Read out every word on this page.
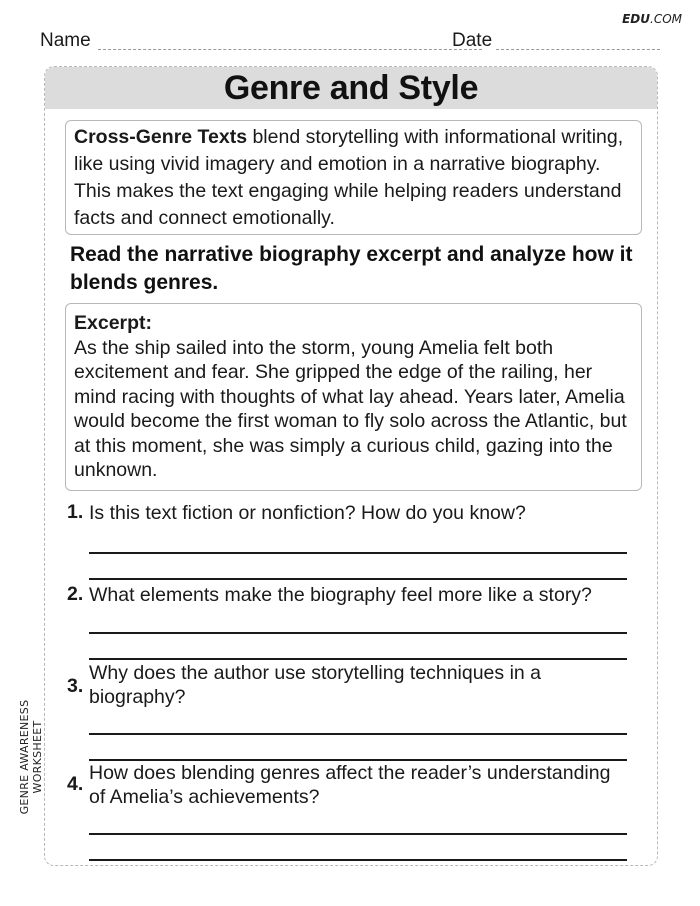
EDU.COM
Name	Date
Genre and Style
Cross-Genre Texts blend storytelling with informational writing, like using vivid imagery and emotion in a narrative biography. This makes the text engaging while helping readers understand facts and connect emotionally.
Read the narrative biography excerpt and analyze how it blends genres.
Excerpt:
As the ship sailed into the storm, young Amelia felt both excitement and fear. She gripped the edge of the railing, her mind racing with thoughts of what lay ahead. Years later, Amelia would become the first woman to fly solo across the Atlantic, but at this moment, she was simply a curious child, gazing into the unknown.
1. Is this text fiction or nonfiction? How do you know?
2. What elements make the biography feel more like a story?
3.
Why does the author use storytelling techniques in a biography?
4. How does blending genres affect the reader’s understanding of Amelia’s achievements?
GENRE AWARENESS WORKSHEET
